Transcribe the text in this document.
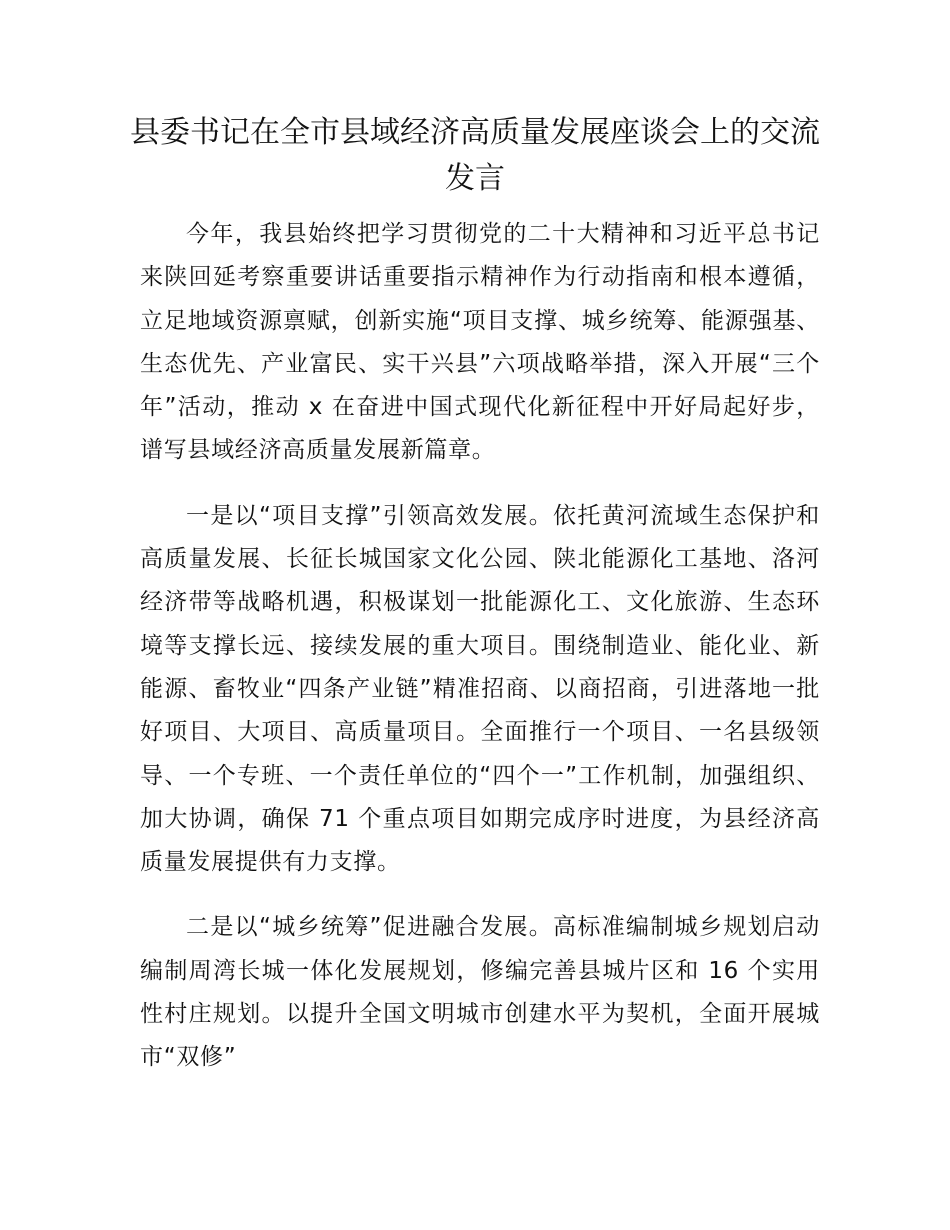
县委书记在全市县域经济高质量发展座谈会上的交流发言

今年，我县始终把学习贯彻党的二十大精神和习近平总书记来陕回延考察重要讲话重要指示精神作为行动指南和根本遵循，立足地域资源禀赋，创新实施“项目支撑、城乡统筹、能源强基、生态优先、产业富民、实干兴县”六项战略举措，深入开展“三个年”活动，推动 x 在奋进中国式现代化新征程中开好局起好步，谱写县域经济高质量发展新篇章。

一是以“项目支撑”引领高效发展。依托黄河流域生态保护和高质量发展、长征长城国家文化公园、陕北能源化工基地、洛河经济带等战略机遇，积极谋划一批能源化工、文化旅游、生态环境等支撑长远、接续发展的重大项目。围绕制造业、能化业、新能源、畜牧业“四条产业链”精准招商、以商招商，引进落地一批好项目、大项目、高质量项目。全面推行一个项目、一名县级领导、一个专班、一个责任单位的“四个一”工作机制，加强组织、加大协调，确保 71 个重点项目如期完成序时进度，为县经济高质量发展提供有力支撑。

二是以“城乡统筹”促进融合发展。高标准编制城乡规划启动编制周湾长城一体化发展规划，修编完善县城片区和 16 个实用性村庄规划。以提升全国文明城市创建水平为契机，全面开展城市“双修”
